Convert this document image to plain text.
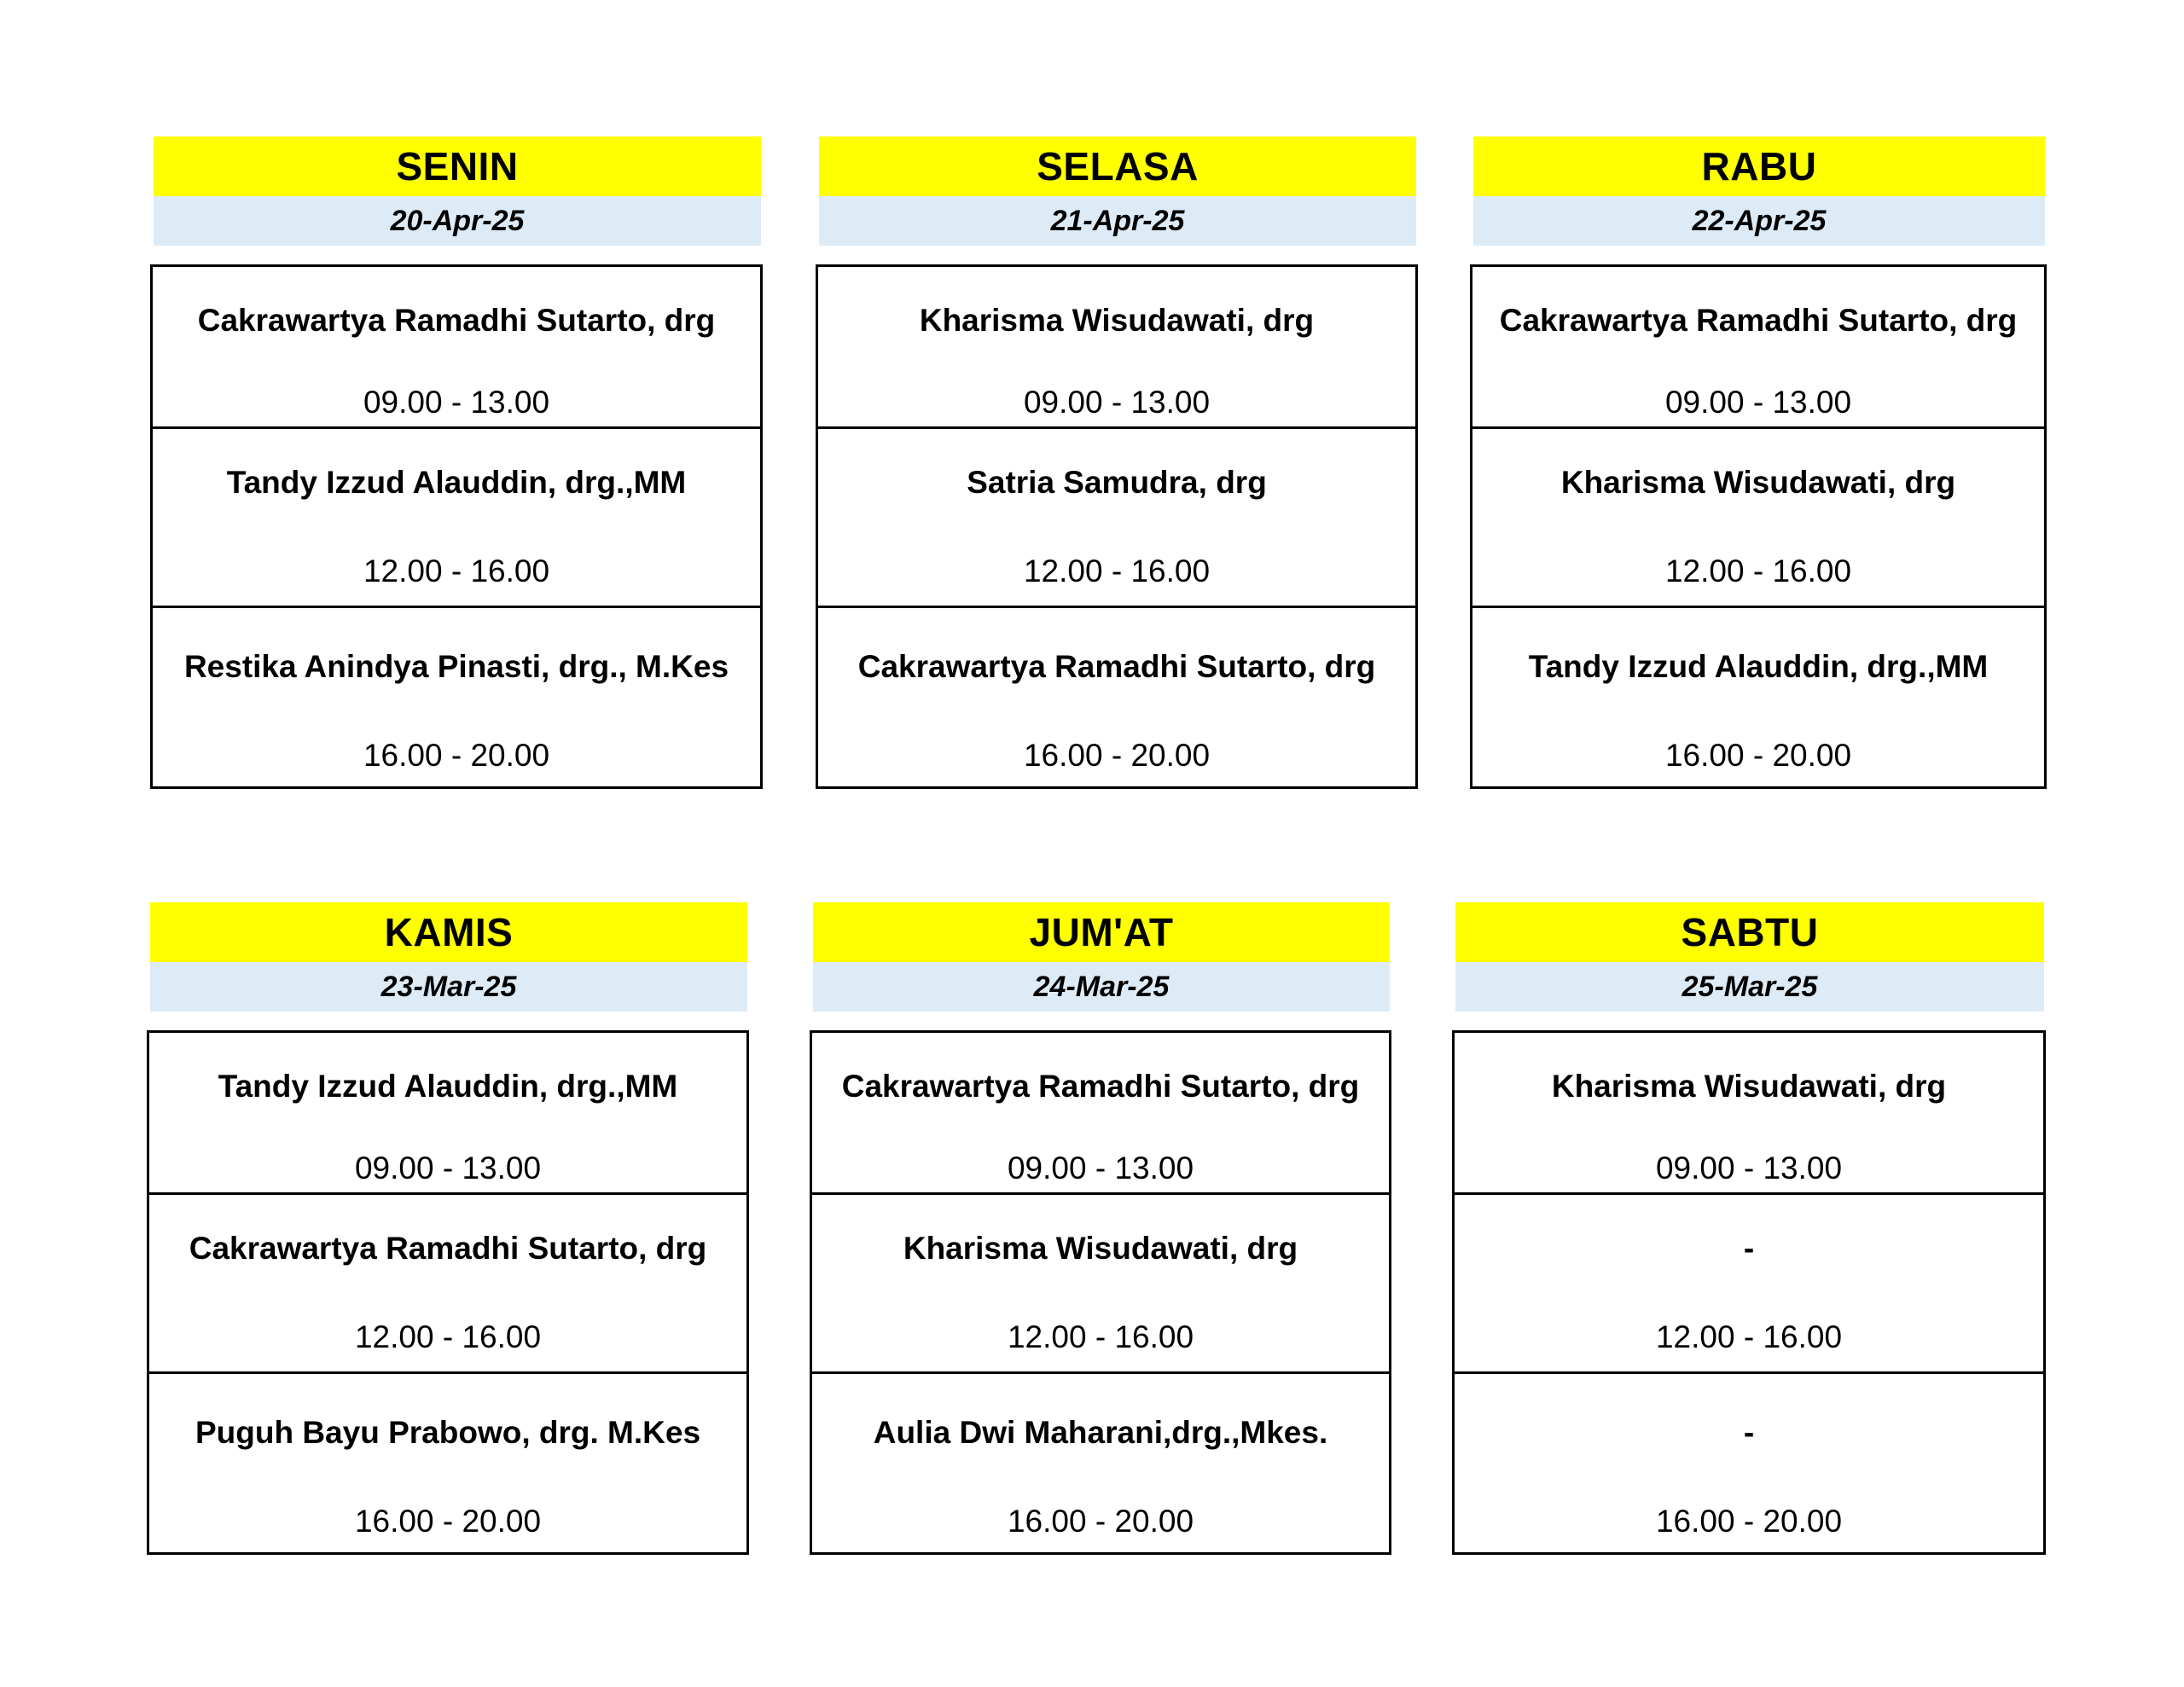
SENIN
20-Apr-25
Cakrawartya Ramadhi Sutarto, drg
09.00 - 13.00
Tandy Izzud Alauddin, drg.,MM
12.00 - 16.00
Restika Anindya Pinasti, drg., M.Kes
16.00 - 20.00
SELASA
21-Apr-25
Kharisma Wisudawati, drg
09.00 - 13.00
Satria Samudra, drg
12.00 - 16.00
Cakrawartya Ramadhi Sutarto, drg
16.00 - 20.00
RABU
22-Apr-25
Cakrawartya Ramadhi Sutarto, drg
09.00 - 13.00
Kharisma Wisudawati, drg
12.00 - 16.00
Tandy Izzud Alauddin, drg.,MM
16.00 - 20.00
KAMIS
23-Mar-25
Tandy Izzud Alauddin, drg.,MM
09.00 - 13.00
Cakrawartya Ramadhi Sutarto, drg
12.00 - 16.00
Puguh Bayu Prabowo, drg. M.Kes
16.00 - 20.00
JUM'AT
24-Mar-25
Cakrawartya Ramadhi Sutarto, drg
09.00 - 13.00
Kharisma Wisudawati, drg
12.00 - 16.00
Aulia Dwi Maharani,drg.,Mkes.
16.00 - 20.00
SABTU
25-Mar-25
Kharisma Wisudawati, drg
09.00 - 13.00
-
12.00 - 16.00
-
16.00 - 20.00
